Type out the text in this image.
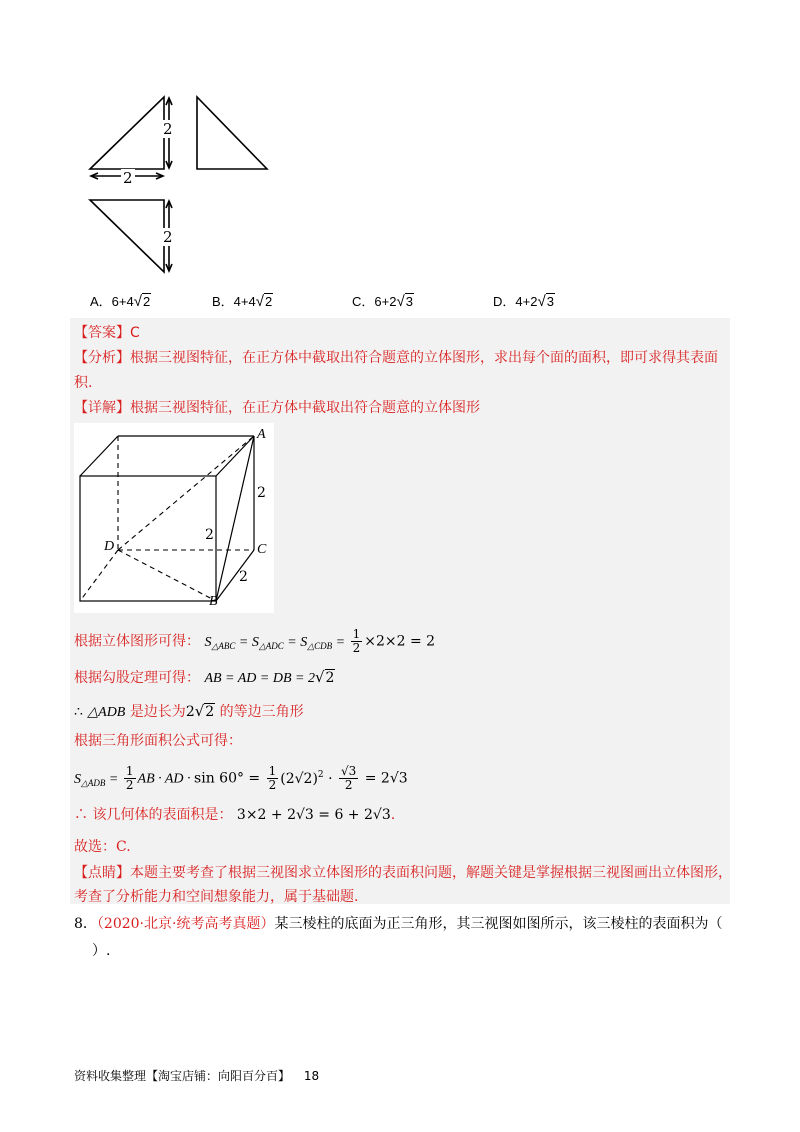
2
2
2
A．6+4√2	B．4+4√2	C．6+2√3	D．4+2√3
【答案】C
【分析】根据三视图特征，在正方体中截取出符合题意的立体图形，求出每个面的面积，即可求得其表面
积.
【详解】根据三视图特征，在正方体中截取出符合题意的立体图形
A
B
C
D
2
2
2
根据立体图形可得： $S_{\triangle ABC} = S_{\triangle ADC} = S_{\triangle CDB} = \frac{1}{2} \times 2\times 2 = 2$
根据勾股定理可得： AB = AD = DB = 2√2
∴ △ADB 是边长为2√2 的等边三角形
根据三角形面积公式可得：
$S_{\triangle ADB} = \frac{1}{2}$ AB · AD · $\sin 60^\circ = \frac{1}{2} (2√2)^2 \cdot \frac{√3}{2} = 2√3$
∴ 该几何体的表面积是： 3×2 + 2√3 = 6 + 2√3.
故选：C.
【点睛】本题主要考查了根据三视图求立体图形的表面积问题，解题关键是掌握根据三视图画出立体图形，
考查了分析能力和空间想象能力，属于基础题.
8．（2020·北京·统考高考真题）某三棱柱的底面为正三角形，其三视图如图所示，该三棱柱的表面积为（
）.
资料收集整理【淘宝店铺：向阳百分百】 18
